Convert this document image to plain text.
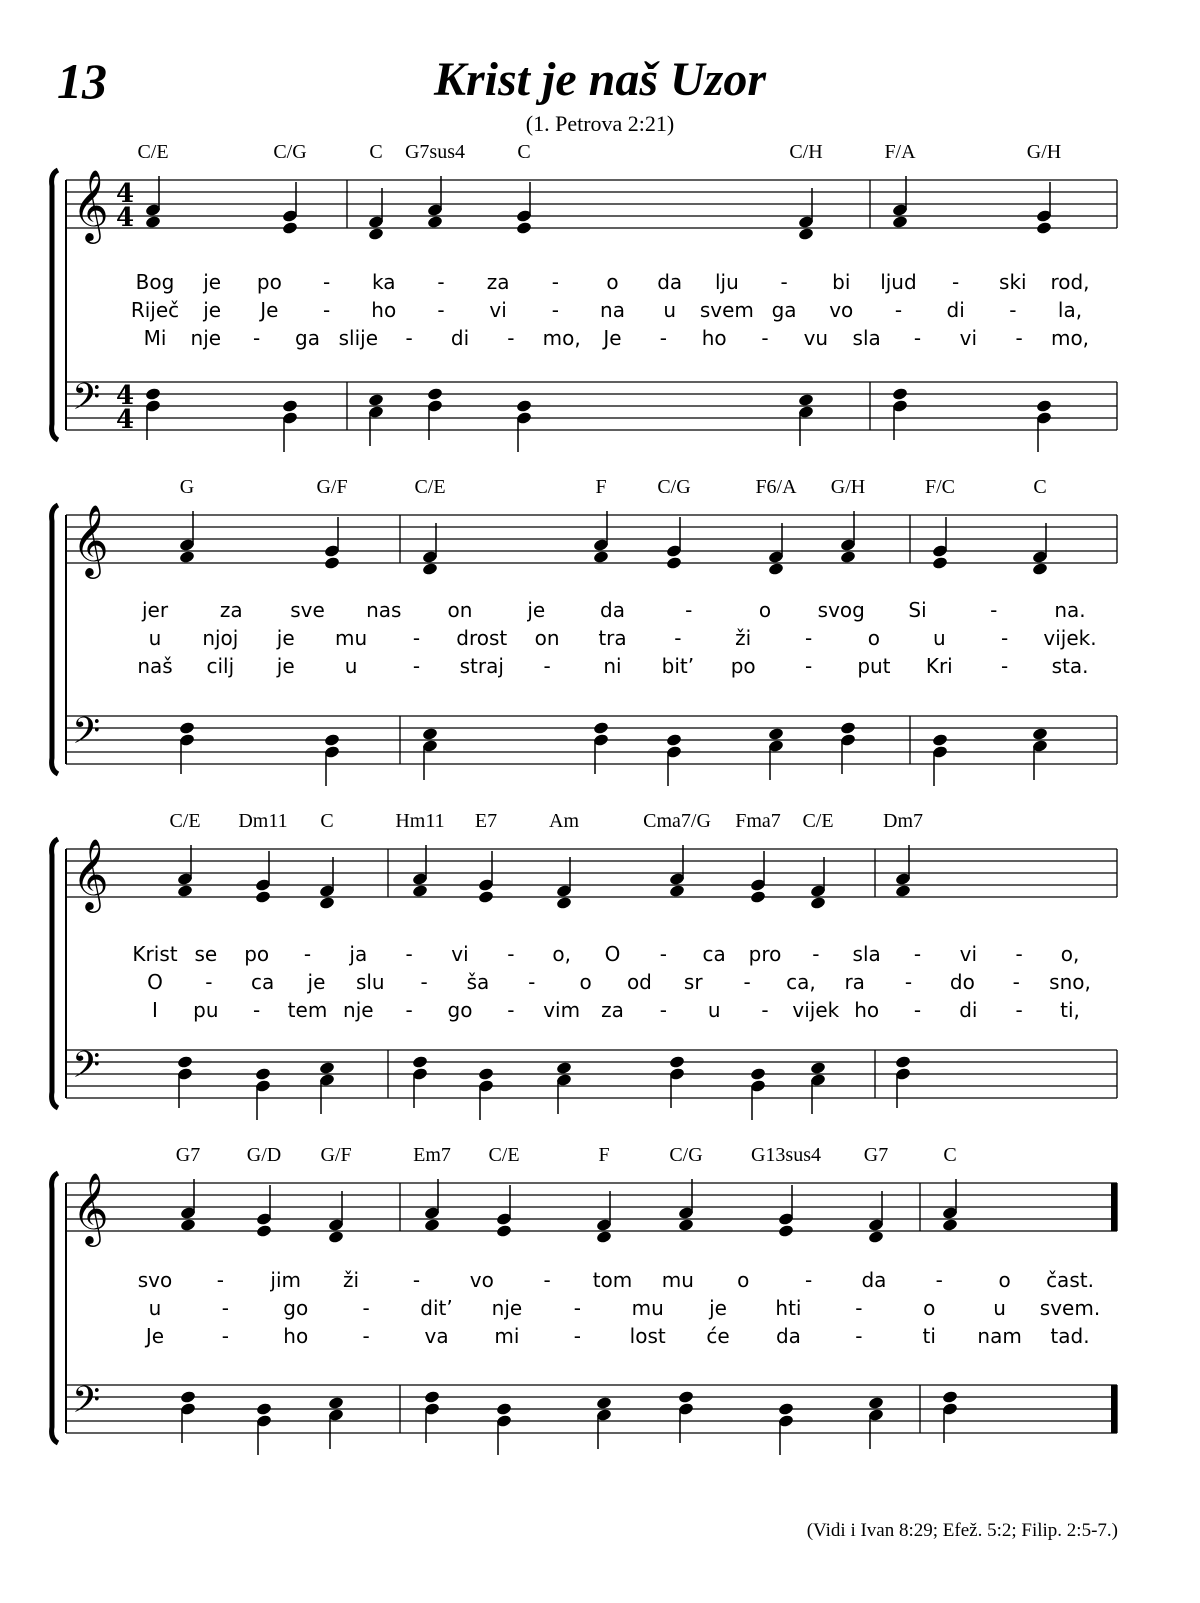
13	Krist je naš Uzor
(1. Petrova 2:21)
(Vidi i Ivan 8:29; Efež. 5:2; Filip. 2:5-7.)
𝄞 4
4
𝄢 4
4
𝄞
𝄢
𝄞
𝄢
𝄞
𝄢
C/E	C/G	C G7sus4	C	C/H	F/A	G/H
Bog je po - ka - za - o da lju - bi ljud - ski rod,
Riječ je Je - ho - vi - na u svem ga vo - di - la,
Mi nje - ga slije - di - mo, Je - ho - vu sla - vi - mo,
G	G/F	C/E	F	C/G	F6/A G/H	F/C	C
jer	za sve nas on	je	da	-	o svog Si	-	na.
u njoj je mu - drost on tra -	ži	-	o	u	- vijek.
naš cilj je	u	- straj -	ni bit’ po - put Kri - sta.
C/E Dm11 C	Hm11 E7	Am	Cma7/G Fma7 C/E Dm7
Krist se po - ja - vi - o, O - ca pro - sla - vi - o,
O - ca je slu - ša - o od sr - ca, ra - do - sno,
I pu - tem nje - go - vim za - u - vijek ho - di - ti,
G7 G/D G/F	Em7 C/E	F	C/G G13sus4 G7	C
svo - jim ži	- vo - tom mu o	- da -	o čast.
u	-	go	-	dit’ nje	-	mu je hti	-	o	u svem.
Je	-	ho	-	va mi	- lost će da	-	ti nam tad.
